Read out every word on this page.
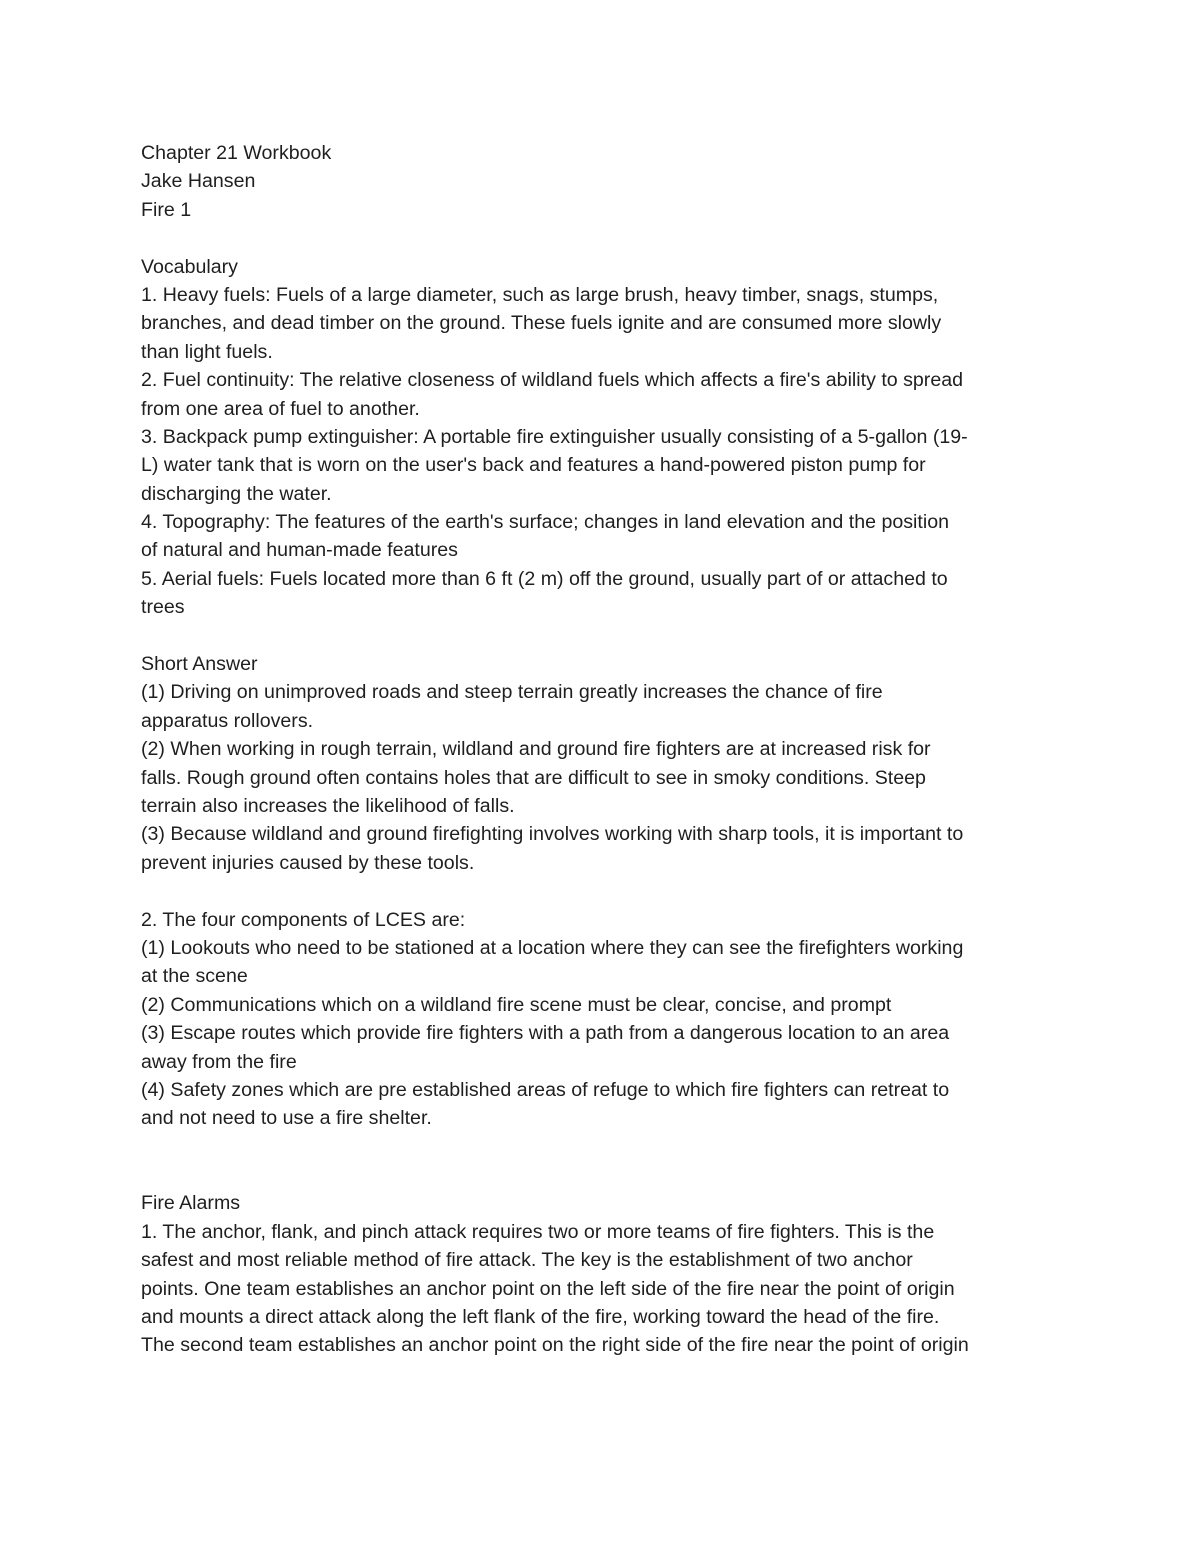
Chapter 21 Workbook
Jake Hansen
Fire 1
Vocabulary
1. Heavy fuels: Fuels of a large diameter, such as large brush, heavy timber, snags, stumps,
branches, and dead timber on the ground. These fuels ignite and are consumed more slowly
than light fuels.
2. Fuel continuity: The relative closeness of wildland fuels which affects a fire's ability to spread
from one area of fuel to another.
3. Backpack pump extinguisher: A portable fire extinguisher usually consisting of a 5-gallon (19-
L) water tank that is worn on the user's back and features a hand-powered piston pump for
discharging the water.
4. Topography: The features of the earth's surface; changes in land elevation and the position
of natural and human-made features
5. Aerial fuels: Fuels located more than 6 ft (2 m) off the ground, usually part of or attached to
trees
Short Answer
(1) Driving on unimproved roads and steep terrain greatly increases the chance of fire
apparatus rollovers.
(2) When working in rough terrain, wildland and ground fire fighters are at increased risk for
falls. Rough ground often contains holes that are difficult to see in smoky conditions. Steep
terrain also increases the likelihood of falls.
(3) Because wildland and ground firefighting involves working with sharp tools, it is important to
prevent injuries caused by these tools.
2. The four components of LCES are:
(1) Lookouts who need to be stationed at a location where they can see the firefighters working
at the scene
(2) Communications which on a wildland fire scene must be clear, concise, and prompt
(3) Escape routes which provide fire fighters with a path from a dangerous location to an area
away from the fire
(4) Safety zones which are pre established areas of refuge to which fire fighters can retreat to
and not need to use a fire shelter.
Fire Alarms
1. The anchor, flank, and pinch attack requires two or more teams of fire fighters. This is the
safest and most reliable method of fire attack. The key is the establishment of two anchor
points. One team establishes an anchor point on the left side of the fire near the point of origin
and mounts a direct attack along the left flank of the fire, working toward the head of the fire.
The second team establishes an anchor point on the right side of the fire near the point of origin
